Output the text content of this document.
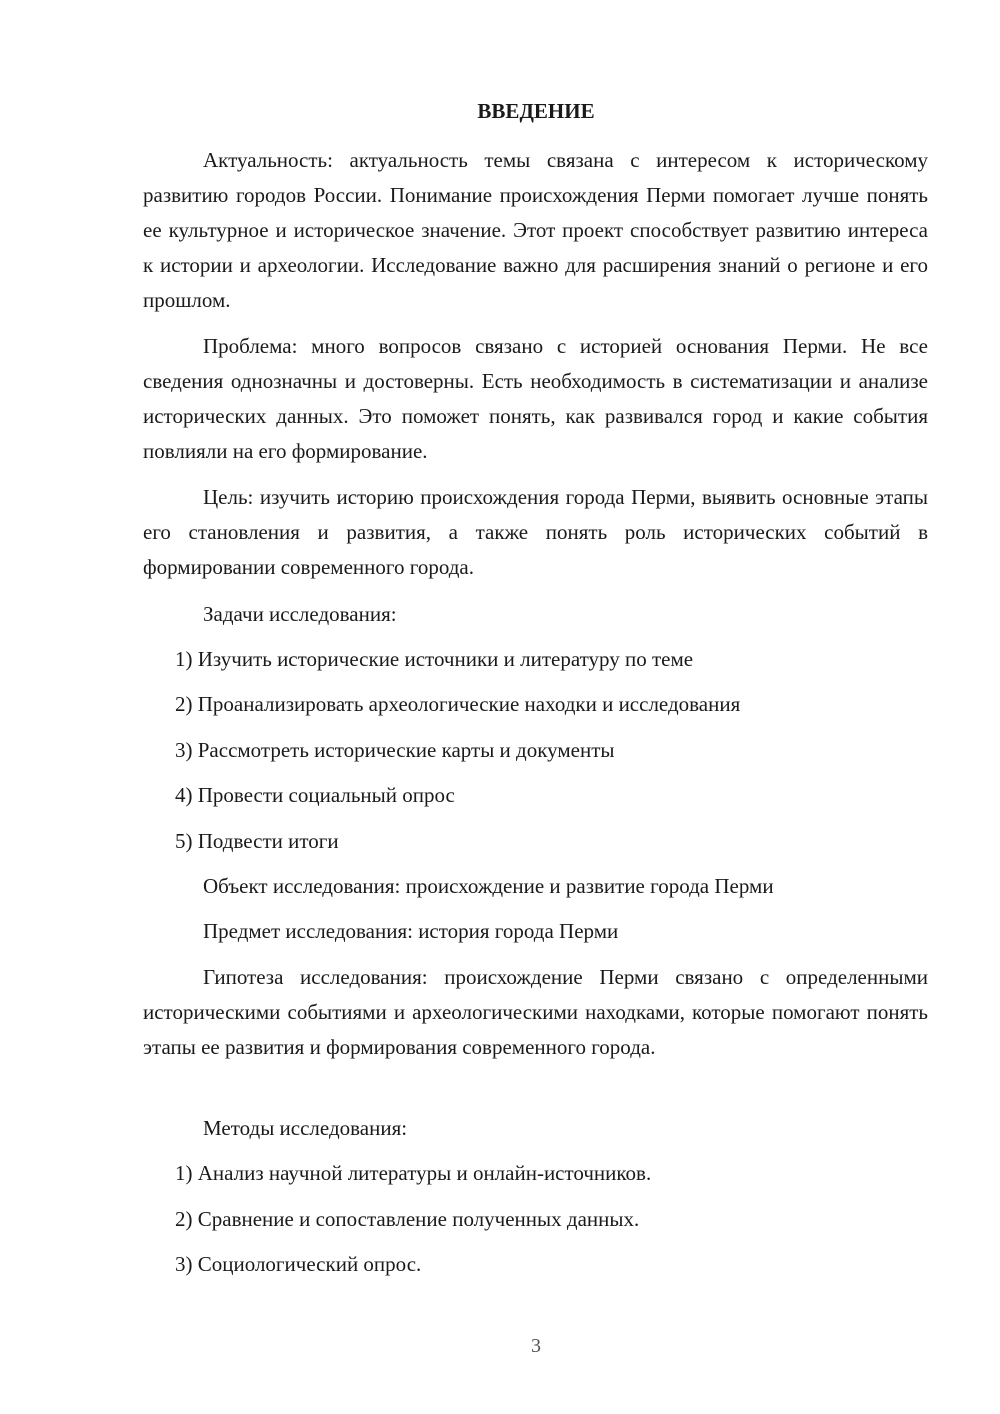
ВВЕДЕНИЕ

Актуальность: актуальность темы связана с интересом к историческому развитию городов России. Понимание происхождения Перми помогает лучше понять ее культурное и историческое значение. Этот проект способствует развитию интереса к истории и археологии. Исследование важно для расширения знаний о регионе и его прошлом.

Проблема: много вопросов связано с историей основания Перми. Не все сведения однозначны и достоверны. Есть необходимость в систематизации и анализе исторических данных. Это поможет понять, как развивался город и какие события повлияли на его формирование.

Цель: изучить историю происхождения города Перми, выявить основные этапы его становления и развития, а также понять роль исторических событий в формировании современного города.

Задачи исследования:

1) Изучить исторические источники и литературу по теме

2) Проанализировать археологические находки и исследования

3) Рассмотреть исторические карты и документы

4) Провести социальный опрос

5) Подвести итоги

Объект исследования: происхождение и развитие города Перми

Предмет исследования: история города Перми

Гипотеза исследования: происхождение Перми связано с определенными историческими событиями и археологическими находками, которые помогают понять этапы ее развития и формирования современного города.

Методы исследования:

1) Анализ научной литературы и онлайн-источников.

2) Сравнение и сопоставление полученных данных.

3) Социологический опрос.

3
